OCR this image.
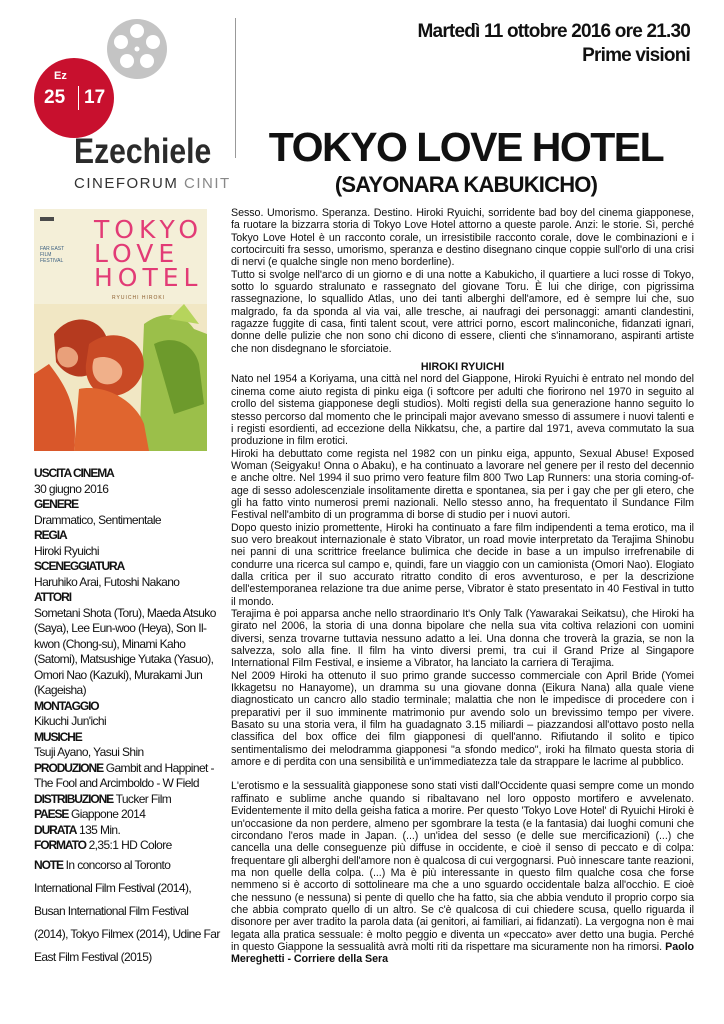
Ez
25 17
Ezechiele
CINEFORUM CINIT
Martedì 11 ottobre 2016 ore 21.30
Prime visioni
TOKYO LOVE HOTEL
(SAYONARA KABUKICHO)
FAR EAST FILM FESTIVAL
TOKYO
LOVE
HOTEL
RYUICHI HIROKI
USCITA CINEMA
30 giugno 2016
GENERE
Drammatico, Sentimentale
REGIA
Hiroki Ryuichi
SCENEGGIATURA
Haruhiko Arai, Futoshi Nakano
ATTORI
Sometani Shota (Toru), Maeda Atsuko (Saya), Lee Eun-woo (Heya), Son Il-kwon (Chong-su), Minami Kaho (Satomi), Matsushige Yutaka (Yasuo), Omori Nao (Kazuki), Murakami Jun (Kageisha)
MONTAGGIO
Kikuchi Jun'ichi
MUSICHE
Tsuji Ayano, Yasui Shin
PRODUZIONE Gambit and Happinet - The Fool and Arcimboldo - W Field
DISTRIBUZIONE Tucker Film
PAESE Giappone 2014
DURATA 135 Min.
FORMATO 2,35:1 HD Colore
NOTE In concorso al Toronto International Film Festival (2014), Busan International Film Festival (2014), Tokyo Filmex (2014), Udine Far East Film Festival (2015)

Sesso. Umorismo. Speranza. Destino. Hiroki Ryuichi, sorridente bad boy del cinema giapponese, fa ruotare la bizzarra storia di Tokyo Love Hotel attorno a queste parole. Anzi: le storie. Sì, perché Tokyo Love Hotel è un racconto corale, un irresistibile racconto corale, dove le combinazioni e i cortocircuiti fra sesso, umorismo, speranza e destino disegnano cinque coppie sull'orlo di una crisi di nervi (e qualche single non meno borderline).

Tutto si svolge nell'arco di un giorno e di una notte a Kabukicho, il quartiere a luci rosse di Tokyo, sotto lo sguardo stralunato e rassegnato del giovane Toru. È lui che dirige, con pigrissima rassegnazione, lo squallido Atlas, uno dei tanti alberghi dell'amore, ed è sempre lui che, suo malgrado, fa da sponda al via vai, alle tresche, ai naufragi dei personaggi: amanti clandestini, ragazze fuggite di casa, finti talent scout, vere attrici porno, escort malinconiche, fidanzati ignari, donne delle pulizie che non sono chi dicono di essere, clienti che s'innamorano, aspiranti artiste che non disdegnano le sforciatoie.

HIROKI RYUICHI

Nato nel 1954 a Koriyama, una città nel nord del Giappone, Hiroki Ryuichi è entrato nel mondo del cinema come aiuto regista di pinku eiga (i softcore per adulti che fiorirono nel 1970 in seguito al crollo del sistema giapponese degli studios). Molti registi della sua generazione hanno seguito lo stesso percorso dal momento che le principali major avevano smesso di assumere i nuovi talenti e i registi esordienti, ad eccezione della Nikkatsu, che, a partire dal 1971, aveva commutato la sua produzione in film erotici.

Hiroki ha debuttato come regista nel 1982 con un pinku eiga, appunto, Sexual Abuse! Exposed Woman (Seigyaku! Onna o Abaku), e ha continuato a lavorare nel genere per il resto del decennio e anche oltre. Nel 1994 il suo primo vero feature film 800 Two Lap Runners: una storia coming-of-age di sesso adolescenziale insolitamente diretta e spontanea, sia per i gay che per gli etero, che gli ha fatto vinto numerosi premi nazionali. Nello stesso anno, ha frequentato il Sundance Film Festival nell'ambito di un programma di borse di studio per i nuovi autori.

Dopo questo inizio promettente, Hiroki ha continuato a fare film indipendenti a tema erotico, ma il suo vero breakout internazionale è stato Vibrator, un road movie interpretato da Terajima Shinobu nei panni di una scrittrice freelance bulimica che decide in base a un impulso irrefrenabile di condurre una ricerca sul campo e, quindi, fare un viaggio con un camionista (Omori Nao). Elogiato dalla critica per il suo accurato ritratto condito di eros avventuroso, e per la descrizione dell'estemporanea relazione tra due anime perse, Vibrator è stato presentato in 40 Festival in tutto il mondo.

Terajima è poi apparsa anche nello straordinario It's Only Talk (Yawarakai Seikatsu), che Hiroki ha girato nel 2006, la storia di una donna bipolare che nella sua vita coltiva relazioni con uomini diversi, senza trovarne tuttavia nessuno adatto a lei. Una donna che troverà la grazia, se non la salvezza, solo alla fine. Il film ha vinto diversi premi, tra cui il Grand Prize al Singapore International Film Festival, e insieme a Vibrator, ha lanciato la carriera di Terajima.

Nel 2009 Hiroki ha ottenuto il suo primo grande successo commerciale con April Bride (Yomei Ikkagetsu no Hanayome), un dramma su una giovane donna (Eikura Nana) alla quale viene diagnosticato un cancro allo stadio terminale; malattia che non le impedisce di procedere con i preparativi per il suo imminente matrimonio pur avendo solo un brevissimo tempo per vivere. Basato su una storia vera, il film ha guadagnato 3.15 miliardi – piazzandosi all'ottavo posto nella classifica del box office dei film giapponesi di quell'anno. Rifiutando il solito e tipico sentimentalismo dei melodramma giapponesi "a sfondo medico", iroki ha filmato questa storia di amore e di perdita con una sensibilità e un'immediatezza tale da strappare le lacrime al pubblico.

L'erotismo e la sessualità giapponese sono stati visti dall'Occidente quasi sempre come un mondo raffinato e sublime anche quando si ribaltavano nel loro opposto mortifero e avvelenato. Evidentemente il mito della geisha fatica a morire. Per questo 'Tokyo Love Hotel' di Ryuichi Hiroki è un'occasione da non perdere, almeno per sgombrare la testa (e la fantasia) dai luoghi comuni che circondano l'eros made in Japan. (...) un'idea del sesso (e delle sue mercificazioni) (...) che cancella una delle conseguenze più diffuse in occidente, e cioè il senso di peccato e di colpa: frequentare gli alberghi dell'amore non è qualcosa di cui vergognarsi. Può innescare tante reazioni, ma non quelle della colpa. (...) Ma è più interessante in questo film qualche cosa che forse nemmeno si è accorto di sottolineare ma che a uno sguardo occidentale balza all'occhio. E cioè che nessuno (e nessuna) si pente di quello che ha fatto, sia che abbia venduto il proprio corpo sia che abbia comprato quello di un altro. Se c'è qualcosa di cui chiedere scusa, quello riguarda il disonore per aver tradito la parola data (ai genitori, ai familiari, ai fidanzati). La vergogna non è mai legata alla pratica sessuale: è molto peggio e diventa un «peccato» aver detto una bugia. Perché in questo Giappone la sessualità avrà molti riti da rispettare ma sicuramente non ha rimorsi. Paolo Mereghetti - Corriere della Sera
